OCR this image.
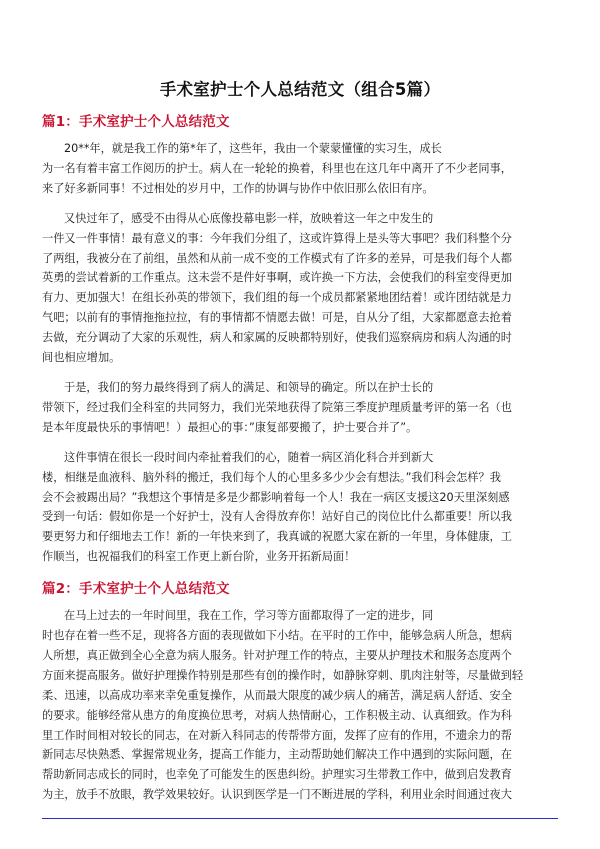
手术室护士个人总结范文（组合5篇）
篇1：手术室护士个人总结范文

20**年，就是我工作的第*年了，这些年，我由一个蒙蒙懂懂的实习生，成长
为一名有着丰富工作阅历的护士。病人在一轮轮的换着，科里也在这几年中离开了不少老同事，
来了好多新同事！不过相处的岁月中，工作的协调与协作中依旧那么依旧有序。

又快过年了，感受不由得从心底像投幕电影一样，放映着这一年之中发生的
一件又一件事情！最有意义的事：今年我们分组了，这或许算得上是头等大事吧？我们科整个分
了两组，我被分在了前组，虽然和从前一成不变的工作模式有了许多的差异，可是我们每个人都
英勇的尝试着新的工作重点。这未尝不是件好事啊，或许换一下方法，会使我们的科室变得更加
有力、更加强大！在组长孙英的带领下，我们组的每一个成员都紧紧地团结着！或许团结就是力
气吧；以前有的事情拖拖拉拉，有的事情都不情愿去做！可是，自从分了组，大家都愿意去抢着
去做，充分调动了大家的乐观性，病人和家属的反映都特别好，使我们巡察病房和病人沟通的时
间也相应增加。

于是，我们的努力最终得到了病人的满足、和领导的确定。所以在护士长的
带领下，经过我们全科室的共同努力，我们光荣地获得了院第三季度护理质量考评的第一名（也
是本年度最快乐的事情吧！）最担心的事：”康复部要搬了，护士要合并了”。

这件事情在很长一段时间内牵扯着我们的心，随着一病区消化科合并到新大
楼，相继是血液科、脑外科的搬迁，我们每个人的心里多多少少会有想法。”我们科会怎样？我
会不会被踢出局？”我想这个事情是多是少都影响着每一个人！我在一病区支援这20天里深刻感
受到一句话：假如你是一个好护士，没有人舍得放弃你！站好自己的岗位比什么都重要！所以我
要更努力和仔细地去工作！新的一年快来到了，我真诚的祝愿大家在新的一年里，身体健康，工
作顺当，也祝福我们的科室工作更上新台阶，业务开拓新局面！

篇2：手术室护士个人总结范文

在马上过去的一年时间里，我在工作，学习等方面都取得了一定的进步，同
时也存在着一些不足，现将各方面的表现做如下小结。在平时的工作中，能够急病人所急，想病
人所想，真正做到全心全意为病人服务。针对护理工作的特点，主要从护理技术和服务态度两个
方面来提高服务。做好护理操作特别是那些有创的操作时，如静脉穿刺、肌肉注射等，尽量做到轻
柔、迅速，以高成功率来幸免重复操作，从而最大限度的减少病人的痛苦，满足病人舒适、安全
的要求。能够经常从患方的角度换位思考，对病人热情耐心，工作积极主动、认真细致。作为科
里工作时间相对较长的同志，在对新入科同志的传帮带方面，发挥了应有的作用，不遗余力的帮
新同志尽快熟悉、掌握常规业务，提高工作能力，主动帮助她们解决工作中遇到的实际问题，在
帮助新同志成长的同时，也幸免了可能发生的医患纠纷。护理实习生带教工作中，做到启发教育
为主，放手不放眼，教学效果较好。认识到医学是一门不断进展的学科，利用业余时间通过夜大
